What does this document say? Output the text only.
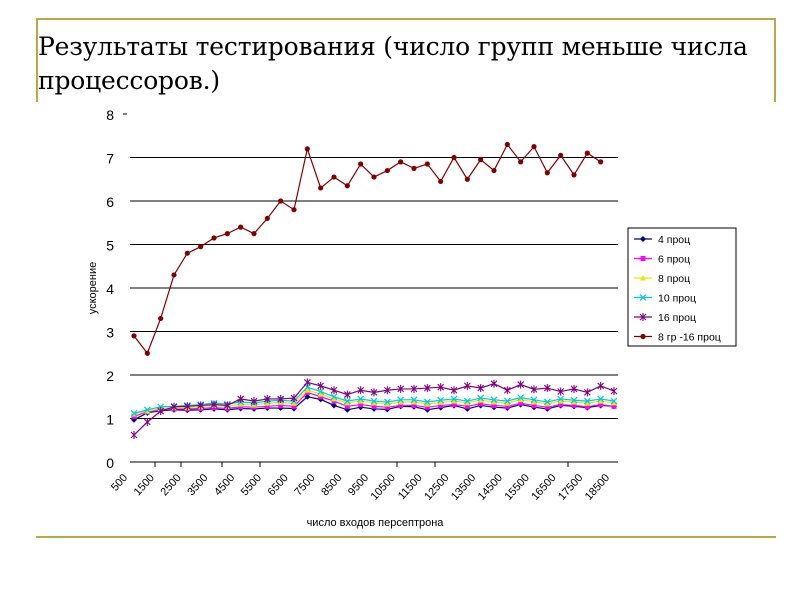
Результаты тестирования (число групп меньше числа процессоров.)
0
1
2
3
4
5
6
7
8
500 1500 2500 3500 4500 5500 6500 7500 8500 9500
10500
11500
12500
13500
14500
15500
16500
17500
18500
число входов персептрона
ускорение
4 проц
6 проц
8 проц
10 проц
16 проц
8 гр -16 проц
